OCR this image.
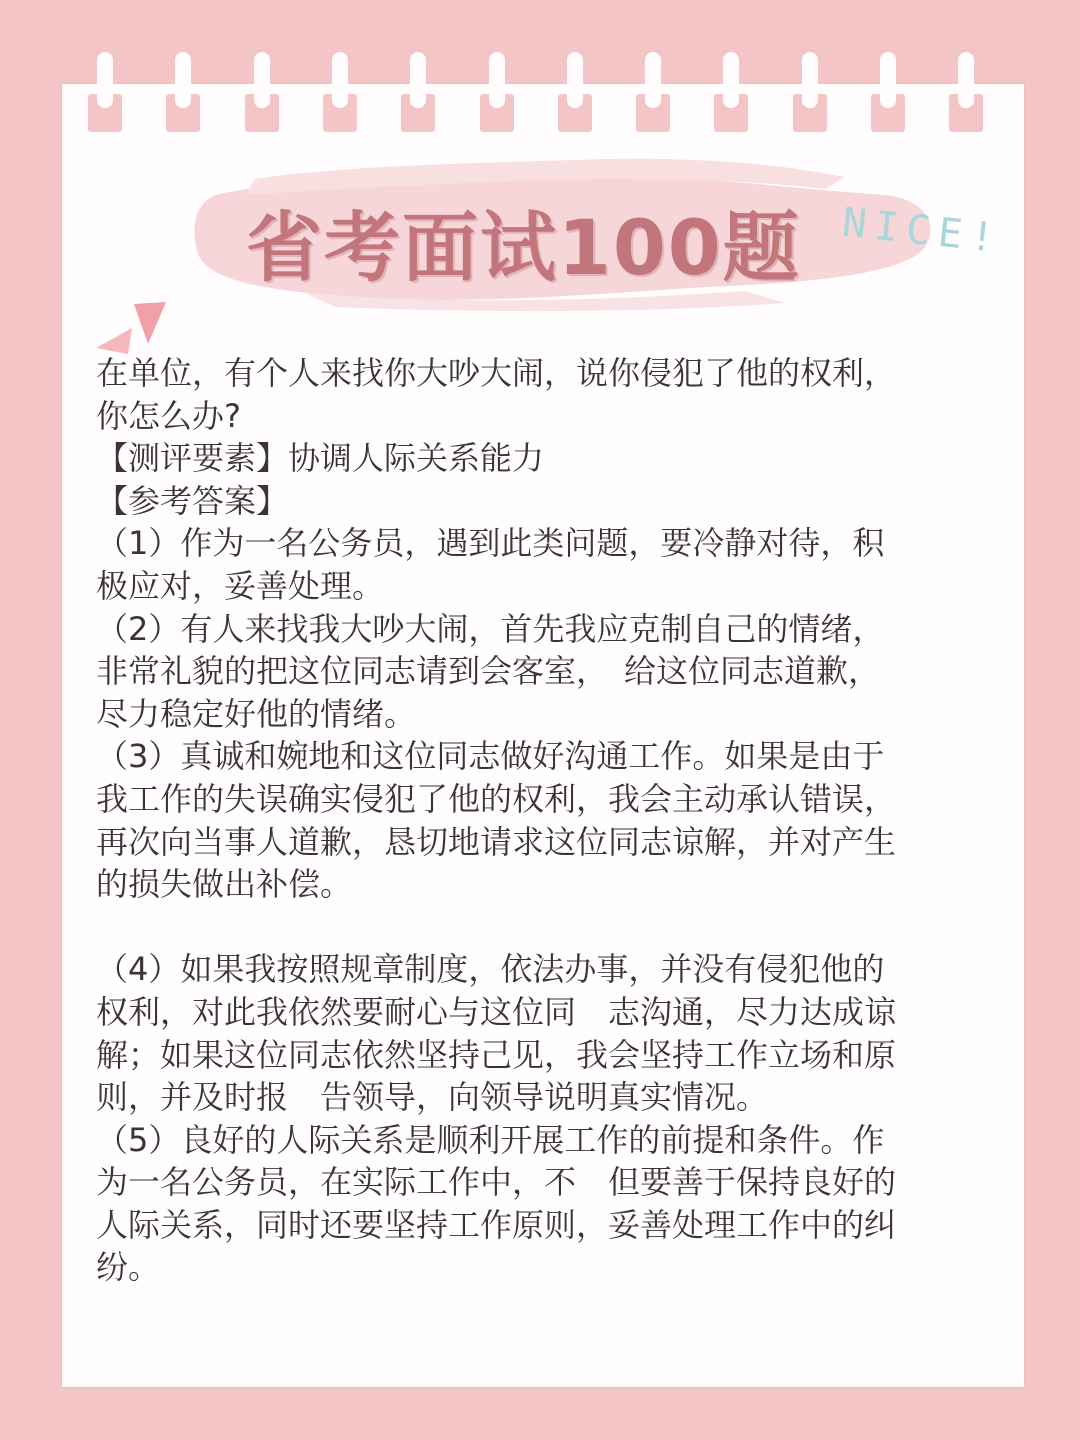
省考面试100题 NICE!

在单位，有个人来找你大吵大闹，说你侵犯了他的权利，

你怎么办?

【测评要素】协调人际关系能力

【参考答案】

（1）作为一名公务员，遇到此类问题，要冷静对待，积

极应对，妥善处理。

（2）有人来找我大吵大闹，首先我应克制自己的情绪，

非常礼貌的把这位同志请到会客室，　给这位同志道歉，

尽力稳定好他的情绪。

（3）真诚和婉地和这位同志做好沟通工作。如果是由于

我工作的失误确实侵犯了他的权利，我会主动承认错误，

再次向当事人道歉，恳切地请求这位同志谅解，并对产生

的损失做出补偿。

（4）如果我按照规章制度，依法办事，并没有侵犯他的

权利，对此我依然要耐心与这位同　志沟通，尽力达成谅

解；如果这位同志依然坚持己见，我会坚持工作立场和原

则，并及时报　告领导，向领导说明真实情况。

（5）良好的人际关系是顺利开展工作的前提和条件。作

为一名公务员，在实际工作中，不　但要善于保持良好的

人际关系，同时还要坚持工作原则，妥善处理工作中的纠

纷。
